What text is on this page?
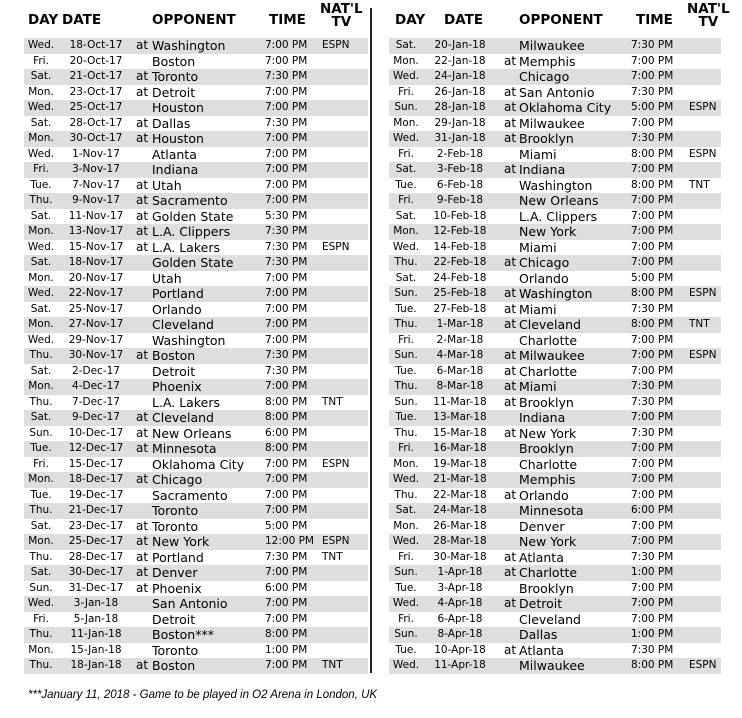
DAY DATE	OPPONENT TIME
NAT'L
TV
Wed.	18-Oct-17	at Washington	7:00 PM ESPN
Fri.	20-Oct-17	Boston	7:00 PM
Sat.	21-Oct-17	at Toronto	7:30 PM
Mon.	23-Oct-17	at Detroit	7:00 PM
Wed.	25-Oct-17	Houston	7:00 PM
Sat.	28-Oct-17	at Dallas	7:30 PM
Mon.	30-Oct-17	at Houston	7:00 PM
Wed.	1-Nov-17	Atlanta	7:00 PM
Fri.	3-Nov-17	Indiana	7:00 PM
Tue.	7-Nov-17	at Utah	7:00 PM
Thu.	9-Nov-17	at Sacramento	7:00 PM
Sat.	11-Nov-17	at Golden State	5:30 PM
Mon.	13-Nov-17	at L.A. Clippers	7:30 PM
Wed.	15-Nov-17	at L.A. Lakers	7:30 PM ESPN
Sat.	18-Nov-17	Golden State	7:30 PM
Mon.	20-Nov-17	Utah	7:00 PM
Wed.	22-Nov-17	Portland	7:00 PM
Sat.	25-Nov-17	Orlando	7:00 PM
Mon.	27-Nov-17	Cleveland	7:00 PM
Wed.	29-Nov-17	Washington	7:00 PM
Thu.	30-Nov-17	at Boston	7:30 PM
Sat.	2-Dec-17	Detroit	7:30 PM
Mon.	4-Dec-17	Phoenix	7:00 PM
Thu.	7-Dec-17	L.A. Lakers	8:00 PM TNT
Sat.	9-Dec-17	at Cleveland	8:00 PM
Sun.	10-Dec-17	at New Orleans	6:00 PM
Tue.	12-Dec-17	at Minnesota	8:00 PM
Fri.	15-Dec-17	Oklahoma City 7:00 PM ESPN
Mon.	18-Dec-17	at Chicago	7:00 PM
Tue.	19-Dec-17	Sacramento	7:00 PM
Thu.	21-Dec-17	Toronto	7:00 PM
Sat.	23-Dec-17	at Toronto	5:00 PM
Mon.	25-Dec-17	at New York	12:00 PM ESPN
Thu.	28-Dec-17	at Portland	7:30 PM TNT
Sat.	30-Dec-17	at Denver	7:00 PM
Sun.	31-Dec-17	at Phoenix	6:00 PM
Wed.	3-Jan-18	San Antonio	7:00 PM
Fri.	5-Jan-18	Detroit	7:00 PM
Thu.	11-Jan-18	Boston***	8:00 PM
Mon.	15-Jan-18	Toronto	1:00 PM
Thu.	18-Jan-18	at Boston	7:00 PM TNT
DAY DATE	OPPONENT TIME
NAT'L
TV
Sat.	20-Jan-18	Milwaukee	7:30 PM
Mon.	22-Jan-18	at Memphis	7:00 PM
Wed.	24-Jan-18	Chicago	7:00 PM
Fri.	26-Jan-18	at San Antonio	7:30 PM
Sun.	28-Jan-18	at Oklahoma City 5:00 PM ESPN
Mon.	29-Jan-18	at Milwaukee	7:00 PM
Wed.	31-Jan-18	at Brooklyn	7:30 PM
Fri.	2-Feb-18	Miami	8:00 PM ESPN
Sat.	3-Feb-18	at Indiana	7:00 PM
Tue.	6-Feb-18	Washington	8:00 PM TNT
Fri.	9-Feb-18	New Orleans	7:00 PM
Sat.	10-Feb-18	L.A. Clippers	7:00 PM
Mon.	12-Feb-18	New York	7:00 PM
Wed.	14-Feb-18	Miami	7:00 PM
Thu.	22-Feb-18	at Chicago	7:00 PM
Sat.	24-Feb-18	Orlando	5:00 PM
Sun.	25-Feb-18	at Washington	8:00 PM ESPN
Tue.	27-Feb-18	at Miami	7:30 PM
Thu.	1-Mar-18	at Cleveland	8:00 PM TNT
Fri.	2-Mar-18	Charlotte	7:00 PM
Sun.	4-Mar-18	at Milwaukee	7:00 PM ESPN
Tue.	6-Mar-18	at Charlotte	7:00 PM
Thu.	8-Mar-18	at Miami	7:30 PM
Sun.	11-Mar-18	at Brooklyn	7:30 PM
Tue.	13-Mar-18	Indiana	7:00 PM
Thu.	15-Mar-18	at New York	7:30 PM
Fri.	16-Mar-18	Brooklyn	7:00 PM
Mon.	19-Mar-18	Charlotte	7:00 PM
Wed.	21-Mar-18	Memphis	7:00 PM
Thu.	22-Mar-18	at Orlando	7:00 PM
Sat.	24-Mar-18	Minnesota	6:00 PM
Mon.	26-Mar-18	Denver	7:00 PM
Wed.	28-Mar-18	New York	7:00 PM
Fri.	30-Mar-18	at Atlanta	7:30 PM
Sun.	1-Apr-18	at Charlotte	1:00 PM
Tue.	3-Apr-18	Brooklyn	7:00 PM
Wed.	4-Apr-18	at Detroit	7:00 PM
Fri.	6-Apr-18	Cleveland	7:00 PM
Sun.	8-Apr-18	Dallas	1:00 PM
Tue.	10-Apr-18	at Atlanta	7:30 PM
Wed.	11-Apr-18	Milwaukee	8:00 PM ESPN
***January 11, 2018 - Game to be played in O2 Arena in London, UK
